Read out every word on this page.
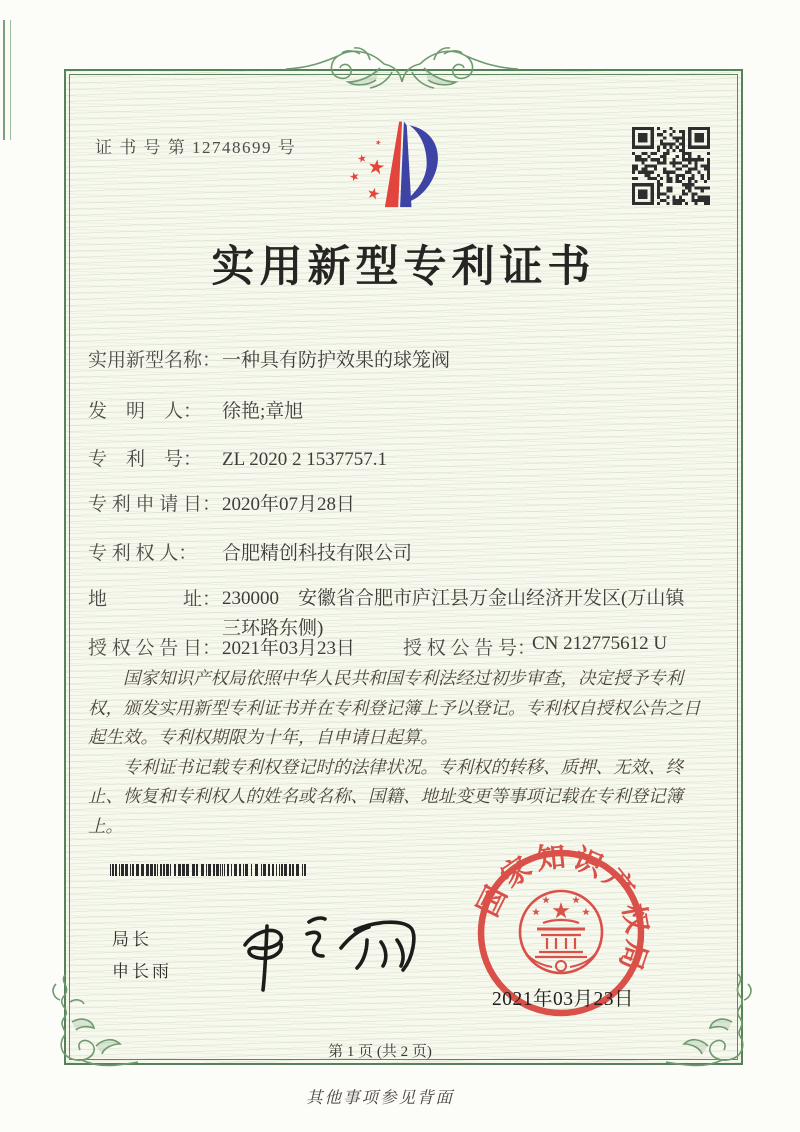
证 书 号 第 12748699 号
实用新型专利证书
实用新型名称：一种具有防护效果的球笼阀
发　明　人： 徐艳;章旭
专　利　号： ZL 2020 2 1537757.1
专 利 申 请 日：2020年07月28日
专 利 权 人： 合肥精创科技有限公司
地　　　　址：230000　安徽省合肥市庐江县万金山经济开发区(万山镇三环路东侧)
授 权 公 告 日：2021年03月23日	授 权 公 告 号：
CN 212775612 U

国家知识产权局依照中华人民共和国专利法经过初步审查，决定授予专利权，颁发实用新型专利证书并在专利登记簿上予以登记。专利权自授权公告之日起生效。专利权期限为十年，自申请日起算。

专利证书记载专利权登记时的法律状况。专利权的转移、质押、无效、终止、恢复和专利权人的姓名或名称、国籍、地址变更等事项记载在专利登记簿上。

局长
申长雨
国家知识产权局
2021年03月23日
第 1 页 (共 2 页)
其他事项参见背面
